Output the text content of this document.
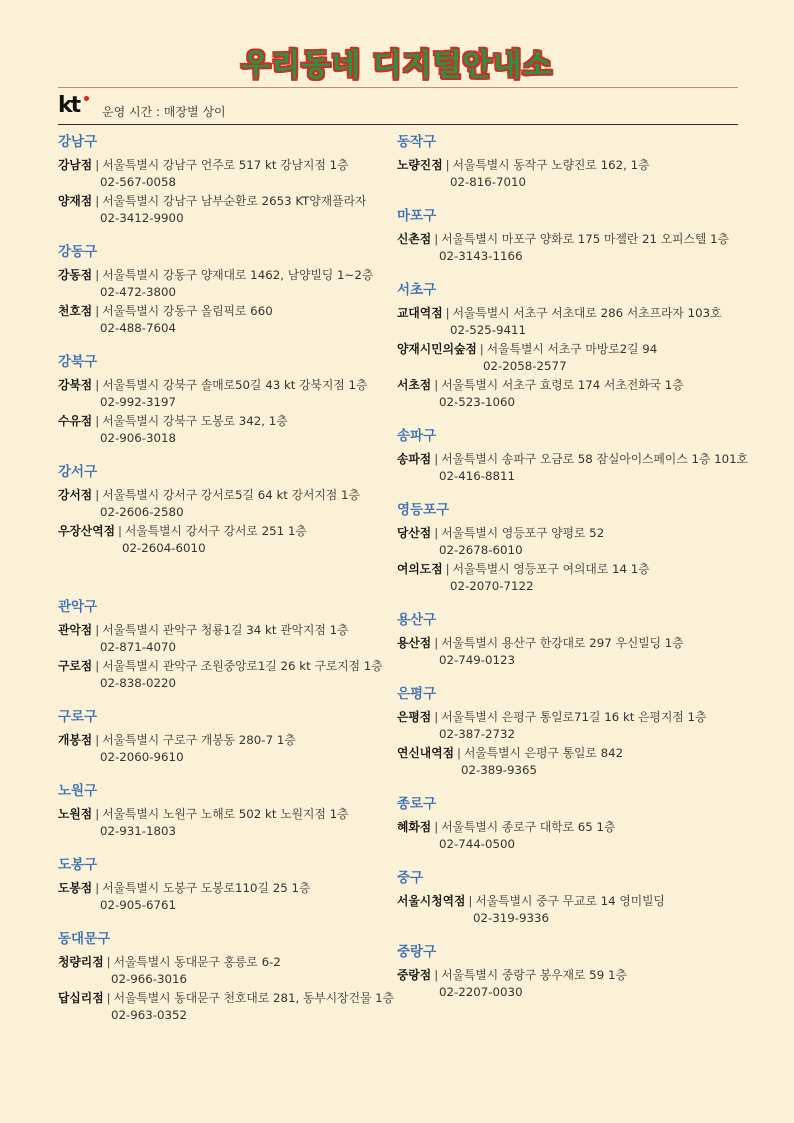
우리동네 디지털안내소
kt 운영 시간 : 매장별 상이
강남구
강남점 | 서울특별시 강남구 언주로 517 kt 강남지점 1층
02-567-0058
양재점 | 서울특별시 강남구 남부순환로 2653 KT양재플라자
02-3412-9900
강동구
강동점 | 서울특별시 강동구 양재대로 1462, 남양빌딩 1~2층
02-472-3800
천호점 | 서울특별시 강동구 올림픽로 660
02-488-7604
강북구
강북점 | 서울특별시 강북구 솔매로50길 43 kt 강북지점 1층
02-992-3197
수유점 | 서울특별시 강북구 도봉로 342, 1층
02-906-3018
강서구
강서점 | 서울특별시 강서구 강서로5길 64 kt 강서지점 1층
02-2606-2580
우장산역점 | 서울특별시 강서구 강서로 251 1층
02-2604-6010
관악구
관악점 | 서울특별시 관악구 청룡1길 34 kt 관악지점 1층
02-871-4070
구로점 | 서울특별시 관악구 조원중앙로1길 26 kt 구로지점 1층
02-838-0220
구로구
개봉점 | 서울특별시 구로구 개봉동 280-7 1층
02-2060-9610
노원구
노원점 | 서울특별시 노원구 노해로 502 kt 노원지점 1층
02-931-1803
도봉구
도봉점 | 서울특별시 도봉구 도봉로110길 25 1층
02-905-6761
동대문구
청량리점 | 서울특별시 동대문구 홍릉로 6-2
02-966-3016
답십리점 | 서울특별시 동대문구 천호대로 281, 동부시장건물 1층
02-963-0352
동작구
노량진점 | 서울특별시 동작구 노량진로 162, 1층
02-816-7010
마포구
신촌점 | 서울특별시 마포구 양화로 175 마젤란 21 오피스텔 1층
02-3143-1166
서초구
교대역점 | 서울특별시 서초구 서초대로 286 서초프라자 103호
02-525-9411
양재시민의숲점 | 서울특별시 서초구 마방로2길 94
02-2058-2577
서초점 | 서울특별시 서초구 효령로 174 서초전화국 1층
02-523-1060
송파구
송파점 | 서울특별시 송파구 오금로 58 잠실아이스페이스 1층 101호
02-416-8811
영등포구
당산점 | 서울특별시 영등포구 양평로 52
02-2678-6010
여의도점 | 서울특별시 영등포구 여의대로 14 1층
02-2070-7122
용산구
용산점 | 서울특별시 용산구 한강대로 297 우신빌딩 1층
02-749-0123
은평구
은평점 | 서울특별시 은평구 통일로71길 16 kt 은평지점 1층
02-387-2732
연신내역점 | 서울특별시 은평구 통일로 842
02-389-9365
종로구
혜화점 | 서울특별시 종로구 대학로 65 1층
02-744-0500
중구
서울시청역점 | 서울특별시 중구 무교로 14 영미빌딩
02-319-9336
중랑구
중랑점 | 서울특별시 중랑구 봉우재로 59 1층
02-2207-0030
